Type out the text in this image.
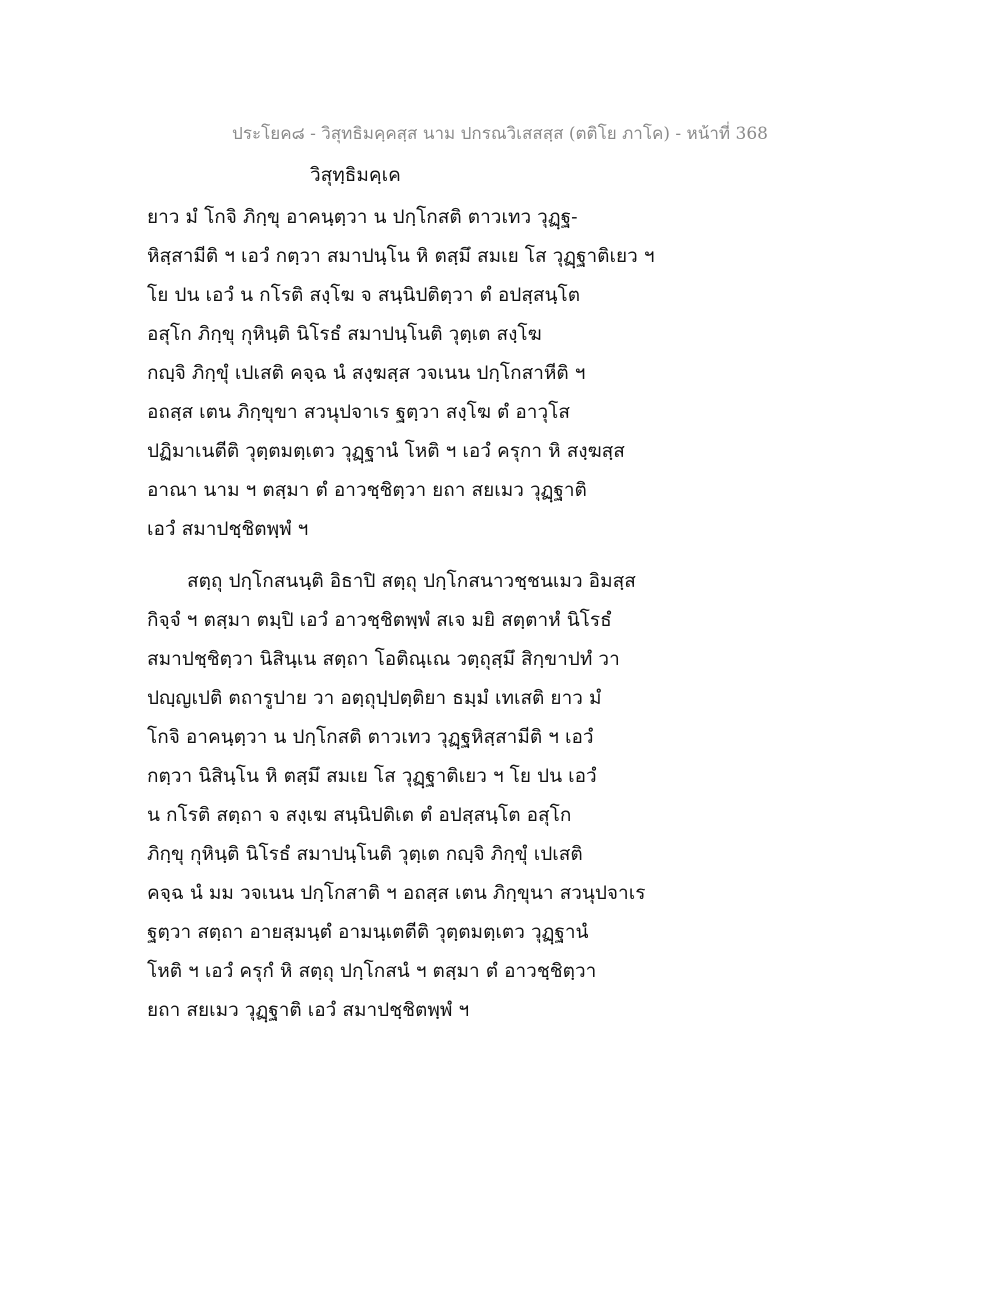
ประโยค๘ - วิสุทธิมคฺคสฺส นาม ปกรณวิเสสสฺส (ตติโย ภาโค) - หน้าที่ 368
วิสุทฺธิมคฺเค
ยาว มํ โกจิ ภิกฺขุ อาคนฺตฺวา น ปกฺโกสติ ตาวเทว วุฏฺฐ-
หิสฺสามีติ ฯ เอวํ กตฺวา สมาปนฺโน หิ ตสฺมึ สมเย โส วุฏฺฐาติเยว ฯ
โย ปน เอวํ น กโรติ สงฺโฆ จ สนฺนิปติตฺวา ตํ อปสฺสนฺโต
อสุโก ภิกฺขุ กุหินฺติ นิโรธํ สมาปนฺโนติ วุตฺเต สงฺโฆ
กญฺจิ ภิกฺขุํ เปเสติ คจฺฉ นํ สงฺฆสฺส วจเนน ปกฺโกสาหีติ ฯ
อถสฺส เตน ภิกฺขุขา สวนุปจาเร ฐตฺวา สงฺโฆ ตํ อาวุโส
ปฏิมาเนตีติ วุตฺตมตฺเตว วุฏฺฐานํ โหติ ฯ เอวํ ครุกา หิ สงฺฆสฺส
อาณา นาม ฯ ตสฺมา ตํ อาวชฺชิตฺวา ยถา สยเมว วุฏฺฐาติ
เอวํ สมาปชฺชิตพฺพํ ฯ
สตฺถุ ปกฺโกสนนฺติ อิธาปิ สตฺถุ ปกฺโกสนาวชฺชนเมว อิมสฺส
กิจฺจํ ฯ ตสฺมา ตมฺปิ เอวํ อาวชฺชิตพฺพํ สเจ มยิ สตฺตาหํ นิโรธํ
สมาปชฺชิตฺวา นิสินฺเน สตฺถา โอติณฺเณ วตฺถุสฺมึ สิกฺขาปทํ วา
ปญฺญเปติ ตถารูปาย วา อตฺถุปฺปตฺติยา ธมฺมํ เทเสติ ยาว มํ
โกจิ อาคนฺตฺวา น ปกฺโกสติ ตาวเทว วุฏฺฐหิสฺสามีติ ฯ เอวํ
กตฺวา นิสินฺโน หิ ตสฺมึ สมเย โส วุฏฺฐาติเยว ฯ โย ปน เอวํ
น กโรติ สตฺถา จ สงฺเฆ สนฺนิปติเต ตํ อปสฺสนฺโต อสุโก
ภิกฺขุ กุหินฺติ นิโรธํ สมาปนฺโนติ วุตฺเต กญฺจิ ภิกฺขุํ เปเสติ
คจฺฉ นํ มม วจเนน ปกฺโกสาติ ฯ อถสฺส เตน ภิกฺขุนา สวนุปจาเร
ฐตฺวา สตฺถา อายสฺมนฺตํ อามนฺเตตีติ วุตฺตมตฺเตว วุฏฺฐานํ
โหติ ฯ เอวํ ครุกํ หิ สตฺถุ ปกฺโกสนํ ฯ ตสฺมา ตํ อาวชฺชิตฺวา
ยถา สยเมว วุฏฺฐาติ เอวํ สมาปชฺชิตพฺพํ ฯ
